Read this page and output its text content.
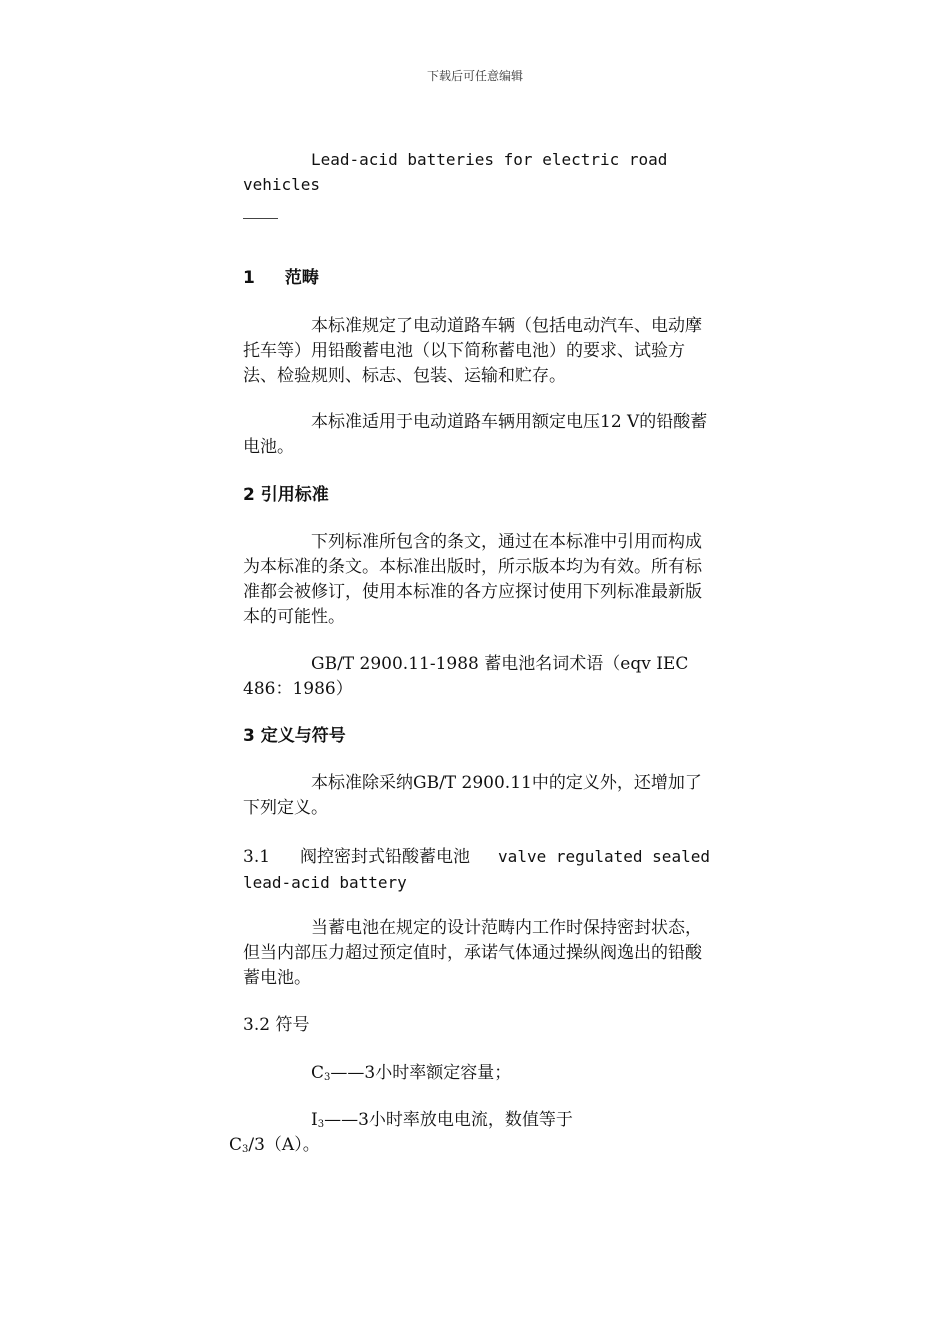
下载后可任意编辑
Lead-acid batteries for electric road vehicles
1 范畴
本标准规定了电动道路车辆（包括电动汽车、电动摩托车等）用铅酸蓄电池（以下简称蓄电池）的要求、试验方法、检验规则、标志、包装、运输和贮存。
本标准适用于电动道路车辆用额定电压12 V的铅酸蓄电池。
2 引用标准
下列标准所包含的条文，通过在本标准中引用而构成为本标准的条文。本标准出版时，所示版本均为有效。所有标准都会被修订，使用本标准的各方应探讨使用下列标准最新版本的可能性。
GB/T 2900.11-1988 蓄电池名词术语（eqv IEC 486：1986）
3 定义与符号
本标准除采纳GB/T 2900.11中的定义外，还增加了下列定义。
3.1 阀控密封式铅酸蓄电池 valve regulated sealed lead-acid battery
当蓄电池在规定的设计范畴内工作时保持密封状态，但当内部压力超过预定值时，承诺气体通过操纵阀逸出的铅酸蓄电池。
3.2 符号
$C_3——3$小时率额定容量；
$I_3——3$小时率放电电流，数值等于
$C_3/3(A)$。
